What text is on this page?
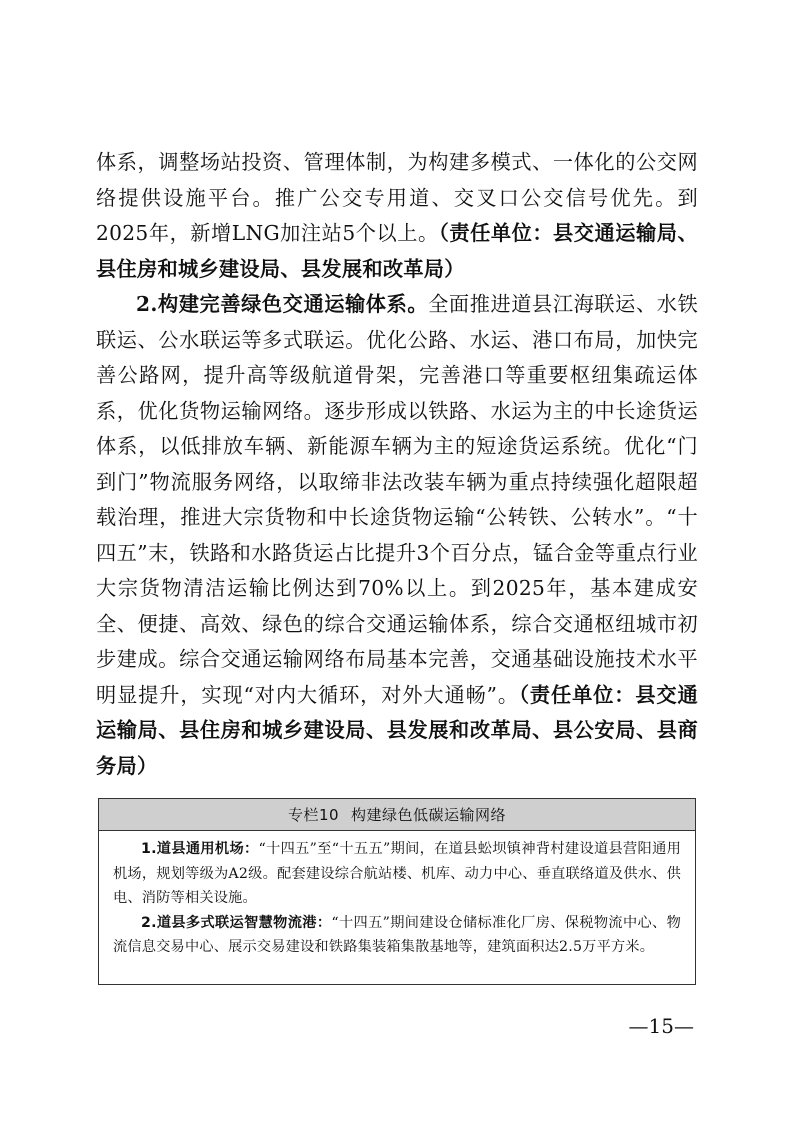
体系，调整场站投资、管理体制，为构建多模式、一体化的公交网络提供设施平台。推广公交专用道、交叉口公交信号优先。到2025年，新增LNG加注站5个以上。（责任单位：县交通运输局、县住房和城乡建设局、县发展和改革局）

2.构建完善绿色交通运输体系。全面推进道县江海联运、水铁联运、公水联运等多式联运。优化公路、水运、港口布局，加快完善公路网，提升高等级航道骨架，完善港口等重要枢纽集疏运体系，优化货物运输网络。逐步形成以铁路、水运为主的中长途货运体系，以低排放车辆、新能源车辆为主的短途货运系统。优化“门到门”物流服务网络，以取缔非法改装车辆为重点持续强化超限超载治理，推进大宗货物和中长途货物运输“公转铁、公转水”。“十四五”末，铁路和水路货运占比提升3个百分点，锰合金等重点行业大宗货物清洁运输比例达到70%以上。到2025年，基本建成安全、便捷、高效、绿色的综合交通运输体系，综合交通枢纽城市初步建成。综合交通运输网络布局基本完善，交通基础设施技术水平明显提升，实现“对内大循环，对外大通畅”。（责任单位：县交通运输局、县住房和城乡建设局、县发展和改革局、县公安局、县商务局）

专栏10 构建绿色低碳运输网络

1.道县通用机场：“十四五”至“十五五”期间，在道县蚣坝镇神背村建设道县营阳通用机场，规划等级为A2级。配套建设综合航站楼、机库、动力中心、垂直联络道及供水、供电、消防等相关设施。

2.道县多式联运智慧物流港：“十四五”期间建设仓储标准化厂房、保税物流中心、物流信息交易中心、展示交易建设和铁路集装箱集散基地等，建筑面积达2.5万平方米。

—15—
